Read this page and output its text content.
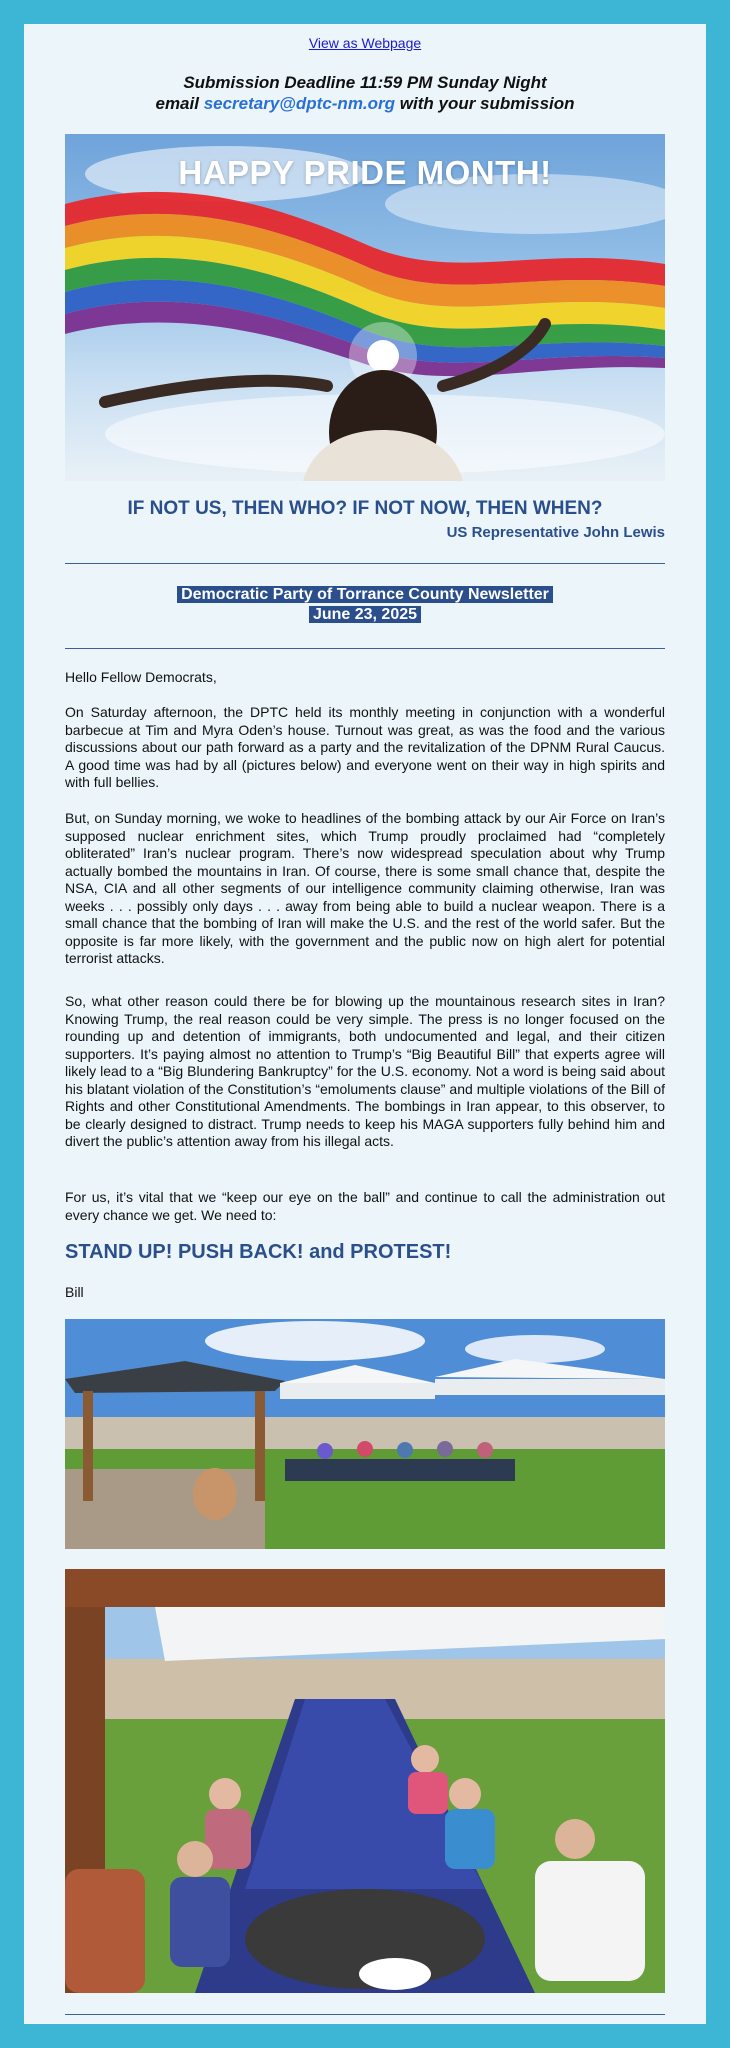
View as Webpage
Submission Deadline 11:59 PM Sunday Night
email secretary@dptc-nm.org with your submission
HAPPY PRIDE MONTH!
IF NOT US, THEN WHO? IF NOT NOW, THEN WHEN?
US Representative John Lewis
Democratic Party of Torrance County Newsletter
June 23, 2025
Hello Fellow Democrats,
On Saturday afternoon, the DPTC held its monthly meeting in conjunction with a wonderful barbecue at Tim and Myra Oden’s house. Turnout was great, as was the food and the various discussions about our path forward as a party and the revitalization of the DPNM Rural Caucus. A good time was had by all (pictures below) and everyone went on their way in high spirits and with full bellies.
But, on Sunday morning, we woke to headlines of the bombing attack by our Air Force on Iran’s supposed nuclear enrichment sites, which Trump proudly proclaimed had “completely obliterated” Iran’s nuclear program. There’s now widespread speculation about why Trump actually bombed the mountains in Iran. Of course, there is some small chance that, despite the NSA, CIA and all other segments of our intelligence community claiming otherwise, Iran was weeks . . . possibly only days . . . away from being able to build a nuclear weapon. There is a small chance that the bombing of Iran will make the U.S. and the rest of the world safer. But the opposite is far more likely, with the government and the public now on high alert for potential terrorist attacks.
So, what other reason could there be for blowing up the mountainous research sites in Iran? Knowing Trump, the real reason could be very simple. The press is no longer focused on the rounding up and detention of immigrants, both undocumented and legal, and their citizen supporters. It’s paying almost no attention to Trump’s “Big Beautiful Bill” that experts agree will likely lead to a “Big Blundering Bankruptcy” for the U.S. economy. Not a word is being said about his blatant violation of the Constitution’s “emoluments clause” and multiple violations of the Bill of Rights and other Constitutional Amendments. The bombings in Iran appear, to this observer, to be clearly designed to distract. Trump needs to keep his MAGA supporters fully behind him and divert the public’s attention away from his illegal acts.
For us, it’s vital that we “keep our eye on the ball” and continue to call the administration out every chance we get. We need to:
STAND UP! PUSH BACK! and PROTEST!
Bill
